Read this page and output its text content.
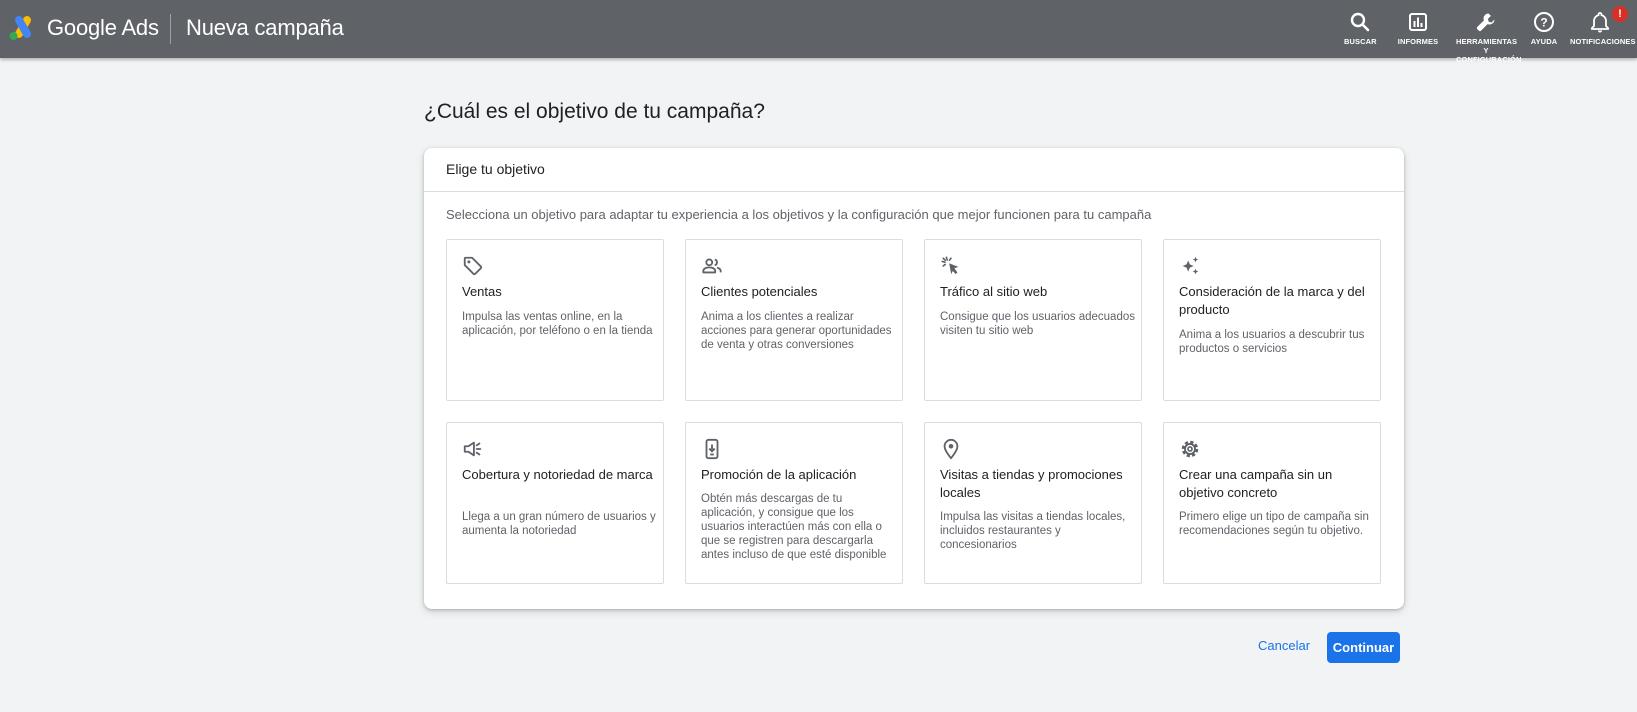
Google Ads Nueva campaña
BUSCAR	INFORMES HERRAMIENTAS Y CONFIGURACIÓN
?
AYUDA
!
NOTIFICACIONES
¿Cuál es el objetivo de tu campaña?
Elige tu objetivo
Selecciona un objetivo para adaptar tu experiencia a los objetivos y la configuración que mejor funcionen para tu campaña
Ventas
Impulsa las ventas online, en la aplicación, por teléfono o en la tienda
Clientes potenciales
Anima a los clientes a realizar acciones para generar oportunidades de venta y otras conversiones
Tráfico al sitio web
Consigue que los usuarios adecuados visiten tu sitio web
Consideración de la marca y del producto
Anima a los usuarios a descubrir tus productos o servicios
Cobertura y notoriedad de marca
Llega a un gran número de usuarios y aumenta la notoriedad
Promoción de la aplicación
Obtén más descargas de tu aplicación, y consigue que los usuarios interactúen más con ella o que se registren para descargarla antes incluso de que esté disponible
Visitas a tiendas y promociones locales
Impulsa las visitas a tiendas locales, incluidos restaurantes y concesionarios
Crear una campaña sin un objetivo concreto
Primero elige un tipo de campaña sin recomendaciones según tu objetivo.
Cancelar	Continuar
